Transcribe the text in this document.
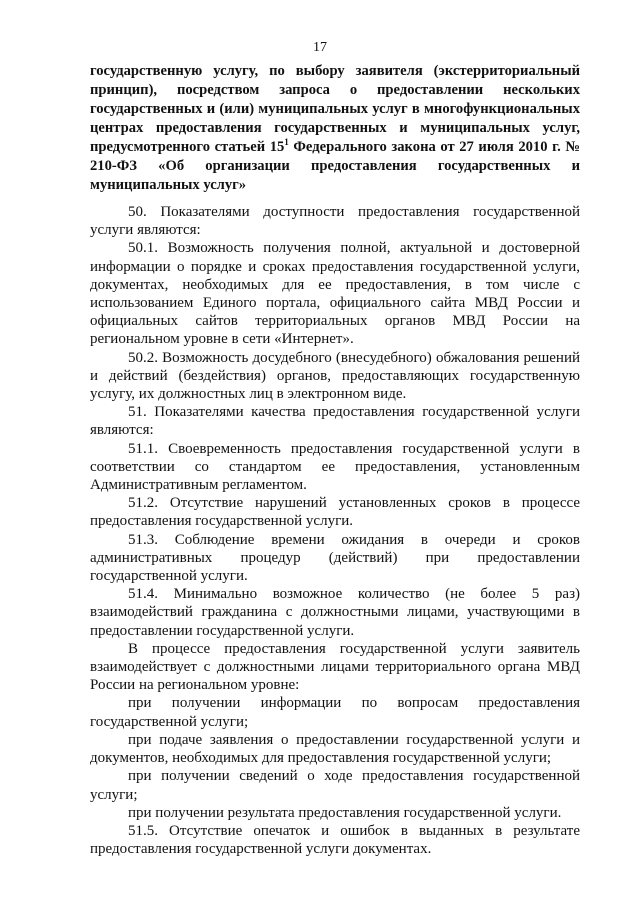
17
государственную услугу, по выбору заявителя (экстерриториальный принцип), посредством запроса о предоставлении нескольких государственных и (или) муниципальных услуг в многофункциональных центрах предоставления государственных и муниципальных услуг, предусмотренного статьей $15^1$ Федерального закона от 27 июля 2010 г. № 210-ФЗ «Об организации предоставления государственных и муниципальных услуг»

50. Показателями доступности предоставления государственной услуги являются:

50.1. Возможность получения полной, актуальной и достоверной информации о порядке и сроках предоставления государственной услуги, документах, необходимых для ее предоставления, в том числе с использованием Единого портала, официального сайта МВД России и официальных сайтов территориальных органов МВД России на региональном уровне в сети «Интернет».

50.2. Возможность досудебного (внесудебного) обжалования решений и действий (бездействия) органов, предоставляющих государственную услугу, их должностных лиц в электронном виде.

51. Показателями качества предоставления государственной услуги являются:

51.1. Своевременность предоставления государственной услуги в соответствии со стандартом ее предоставления, установленным Административным регламентом.

51.2. Отсутствие нарушений установленных сроков в процессе предоставления государственной услуги.

51.3. Соблюдение времени ожидания в очереди и сроков административных процедур (действий) при предоставлении государственной услуги.

51.4. Минимально возможное количество (не более 5 раз) взаимодействий гражданина с должностными лицами, участвующими в предоставлении государственной услуги.

В процессе предоставления государственной услуги заявитель взаимодействует с должностными лицами территориального органа МВД России на региональном уровне:

при получении информации по вопросам предоставления государственной услуги;

при подаче заявления о предоставлении государственной услуги и документов, необходимых для предоставления государственной услуги;

при получении сведений о ходе предоставления государственной услуги;

при получении результата предоставления государственной услуги.

51.5. Отсутствие опечаток и ошибок в выданных в результате предоставления государственной услуги документах.
